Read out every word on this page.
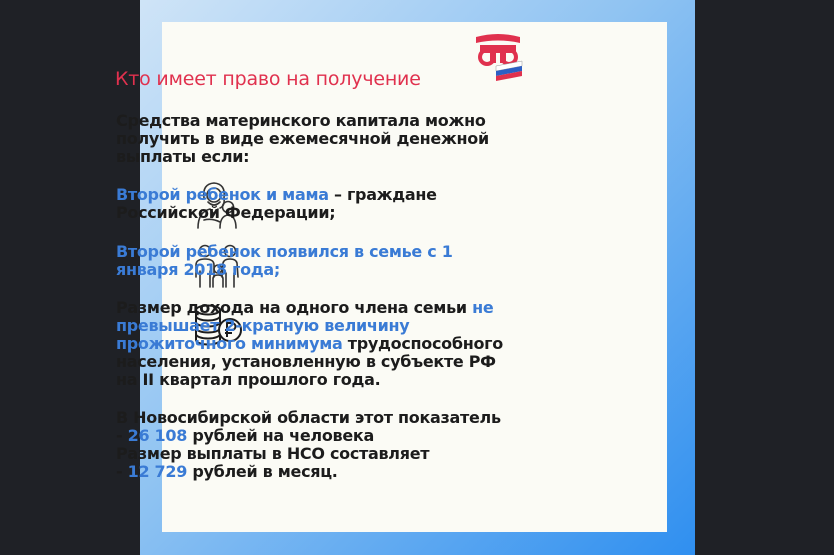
Кто имеет право на получение
Средства материнского капитала можно получить в виде ежемесячной денежной выплаты если:
Второй ребенок и мама – граждане Российской Федерации;
Второй ребенок появился в семье с 1 января 2018 года;
Размер дохода на одного члена семьи не превышает 2-кратную величину прожиточного минимума трудоспособного населения, установленную в субъекте РФ на II квартал прошлого года.
В Новосибирской области этот показатель
- 26 108 рублей на человека
Размер выплаты в НСО составляет
- 12 729 рублей в месяц.
